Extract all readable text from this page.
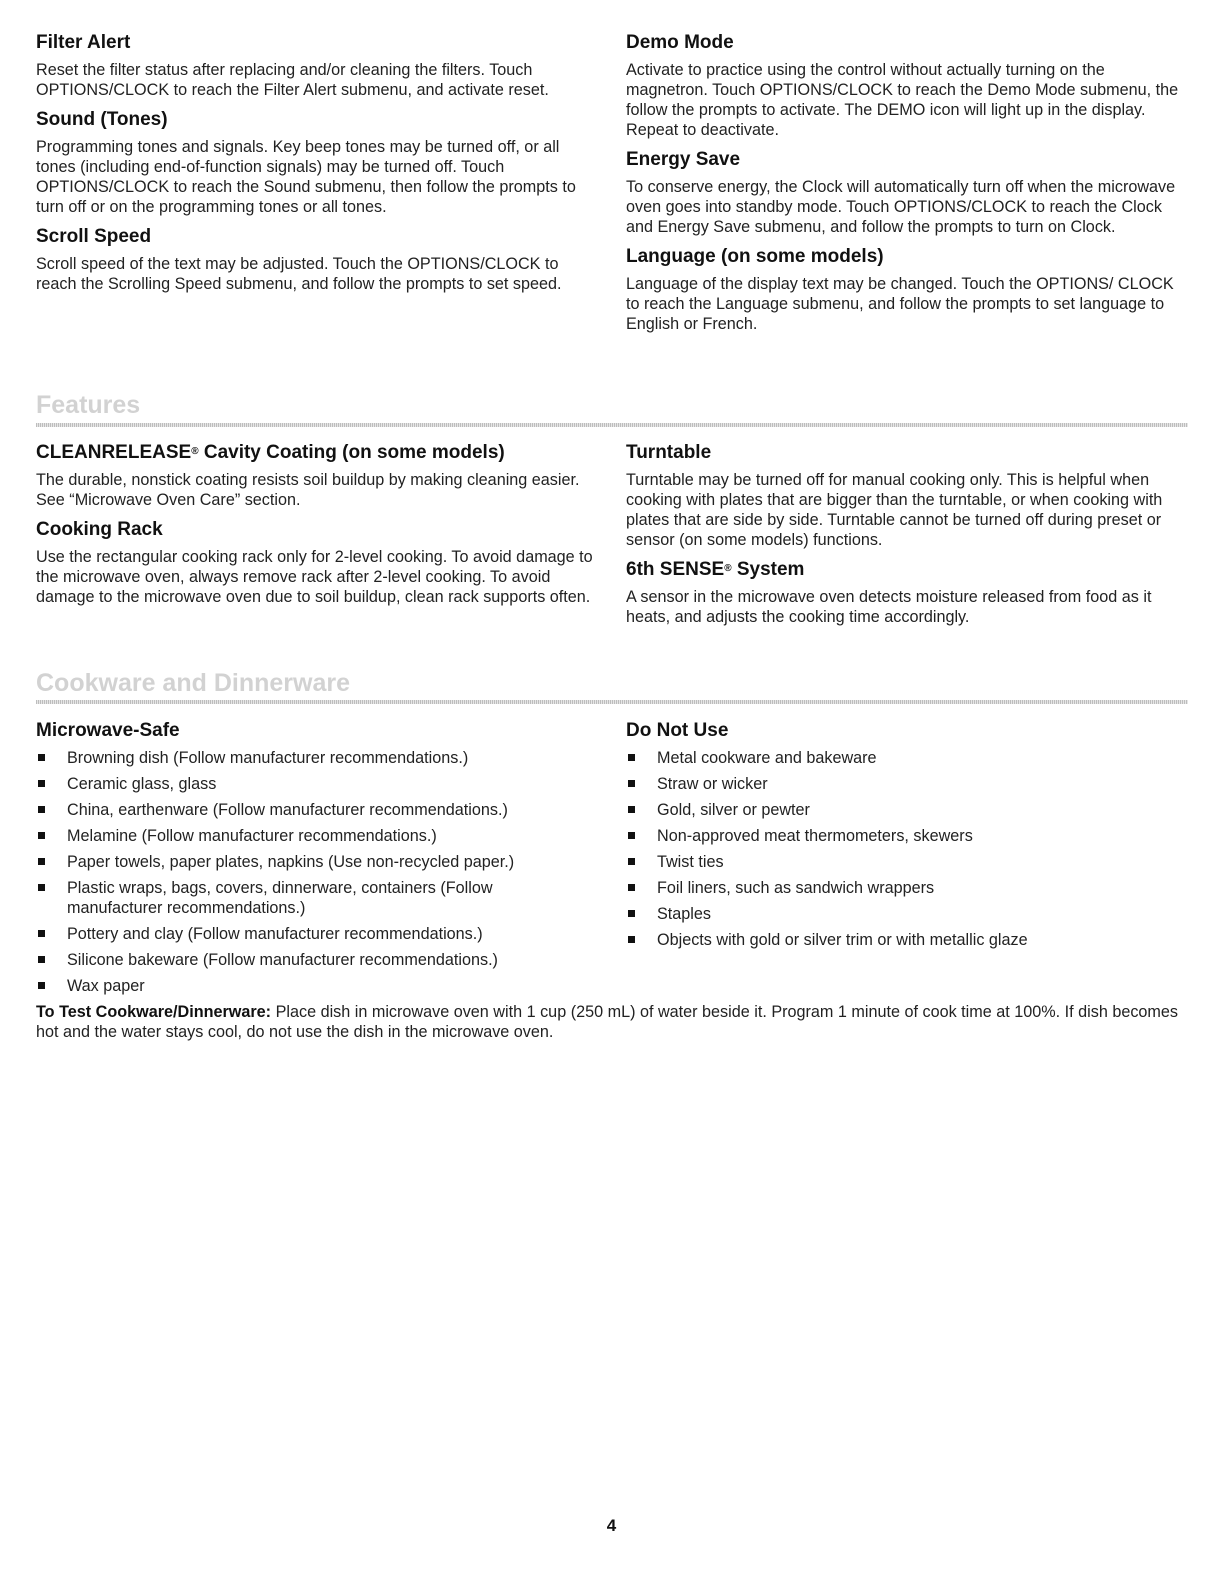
Filter Alert

Reset the filter status after replacing and/or cleaning the filters. Touch OPTIONS/CLOCK to reach the Filter Alert submenu, and activate reset.

Sound (Tones)

Programming tones and signals. Key beep tones may be turned off, or all tones (including end-of-function signals) may be turned off. Touch OPTIONS/CLOCK to reach the Sound submenu, then follow the prompts to turn off or on the programming tones or all tones.

Scroll Speed

Scroll speed of the text may be adjusted. Touch the OPTIONS/CLOCK to reach the Scrolling Speed submenu, and follow the prompts to set speed.

Demo Mode

Activate to practice using the control without actually turning on the magnetron. Touch OPTIONS/CLOCK to reach the Demo Mode submenu, the follow the prompts to activate. The DEMO icon will light up in the display. Repeat to deactivate.

Energy Save

To conserve energy, the Clock will automatically turn off when the microwave oven goes into standby mode. Touch OPTIONS/CLOCK to reach the Clock and Energy Save submenu, and follow the prompts to turn on Clock.

Language (on some models)

Language of the display text may be changed. Touch the OPTIONS/ CLOCK to reach the Language submenu, and follow the prompts to set language to English or French.

Features
CLEANRELEASE® Cavity Coating (on some models)

The durable, nonstick coating resists soil buildup by making cleaning easier. See “Microwave Oven Care” section.

Cooking Rack

Use the rectangular cooking rack only for 2-level cooking. To avoid damage to the microwave oven, always remove rack after 2-level cooking. To avoid damage to the microwave oven due to soil buildup, clean rack supports often.

Turntable

Turntable may be turned off for manual cooking only. This is helpful when cooking with plates that are bigger than the turntable, or when cooking with plates that are side by side. Turntable cannot be turned off during preset or sensor (on some models) functions.

6th SENSE® System

A sensor in the microwave oven detects moisture released from food as it heats, and adjusts the cooking time accordingly.

Cookware and Dinnerware
Microwave-Safe
Browning dish (Follow manufacturer recommendations.)
Ceramic glass, glass
China, earthenware (Follow manufacturer recommendations.)
Melamine (Follow manufacturer recommendations.)
Paper towels, paper plates, napkins (Use non-recycled paper.)
Plastic wraps, bags, covers, dinnerware, containers (Follow manufacturer recommendations.)
Pottery and clay (Follow manufacturer recommendations.)
Silicone bakeware (Follow manufacturer recommendations.)
Wax paper
Do Not Use
Metal cookware and bakeware
Straw or wicker
Gold, silver or pewter
Non-approved meat thermometers, skewers
Twist ties
Foil liners, such as sandwich wrappers
Staples
Objects with gold or silver trim or with metallic glaze
To Test Cookware/Dinnerware: Place dish in microwave oven with 1 cup (250 mL) of water beside it. Program 1 minute of cook time at 100%. If dish becomes hot and the water stays cool, do not use the dish in the microwave oven.
4
